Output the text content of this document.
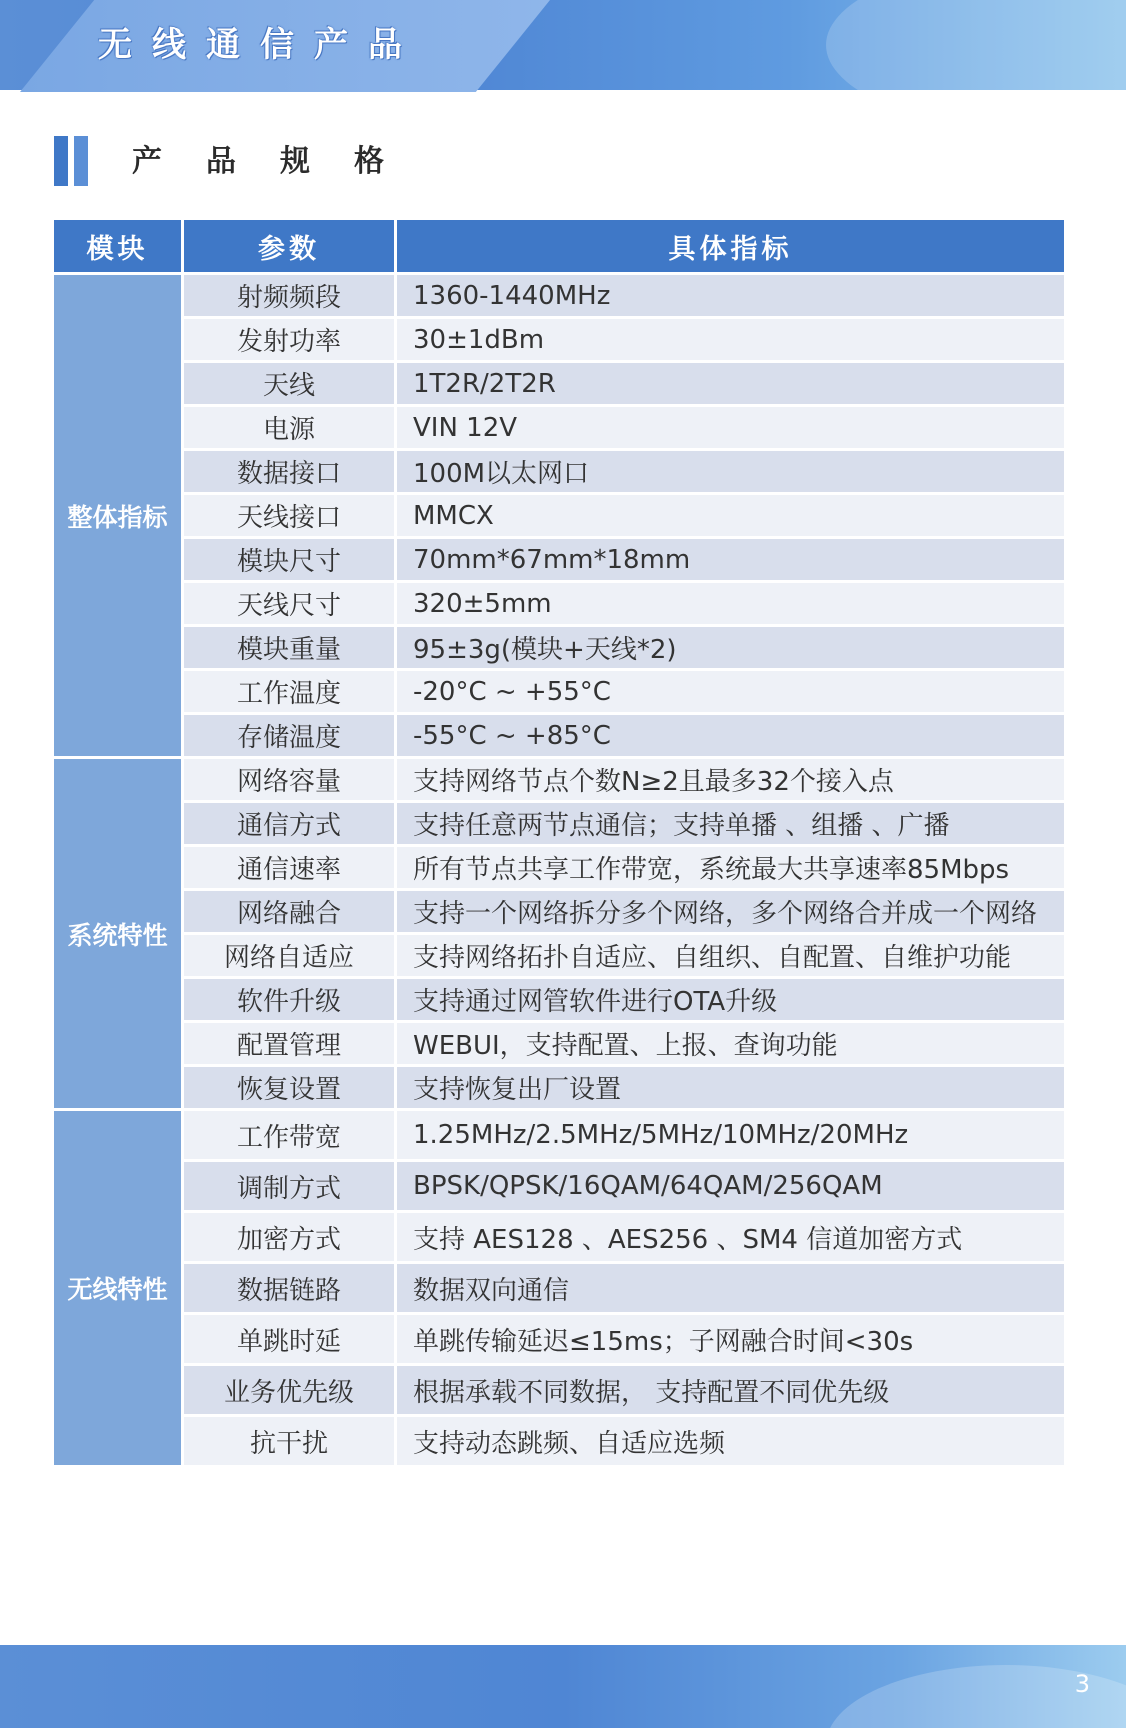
无线通信产品
产品规格
模块	参数	具体指标
整体指标	射频频段	1360-1440MHz
	发射功率	30±1dBm
	天线	1T2R/2T2R
	电源	VIN 12V
	数据接口	100M以太网口
	天线接口	MMCX
	模块尺寸	70mm*67mm*18mm
	天线尺寸	320±5mm
	模块重量	95±3g(模块+天线*2)
	工作温度	-20°C ~ +55°C
	存储温度	-55°C ~ +85°C
系统特性	网络容量	支持网络节点个数N≥2且最多32个接入点
	通信方式	支持任意两节点通信；支持单播 、组播 、广播
	通信速率	所有节点共享工作带宽，系统最大共享速率85Mbps
	网络融合	支持一个网络拆分多个网络，多个网络合并成一个网络
	网络自适应	支持网络拓扑自适应、自组织、自配置、自维护功能
	软件升级	支持通过网管软件进行OTA升级
	配置管理	WEBUI，支持配置、上报、查询功能
	恢复设置	支持恢复出厂设置
无线特性	工作带宽	1.25MHz/2.5MHz/5MHz/10MHz/20MHz
	调制方式	BPSK/QPSK/16QAM/64QAM/256QAM
	加密方式	支持 AES128 、AES256 、SM4 信道加密方式
	数据链路	数据双向通信
	单跳时延	单跳传输延迟≤15ms；子网融合时间<30s
	业务优先级	根据承载不同数据， 支持配置不同优先级
	抗干扰	支持动态跳频、自适应选频
3
